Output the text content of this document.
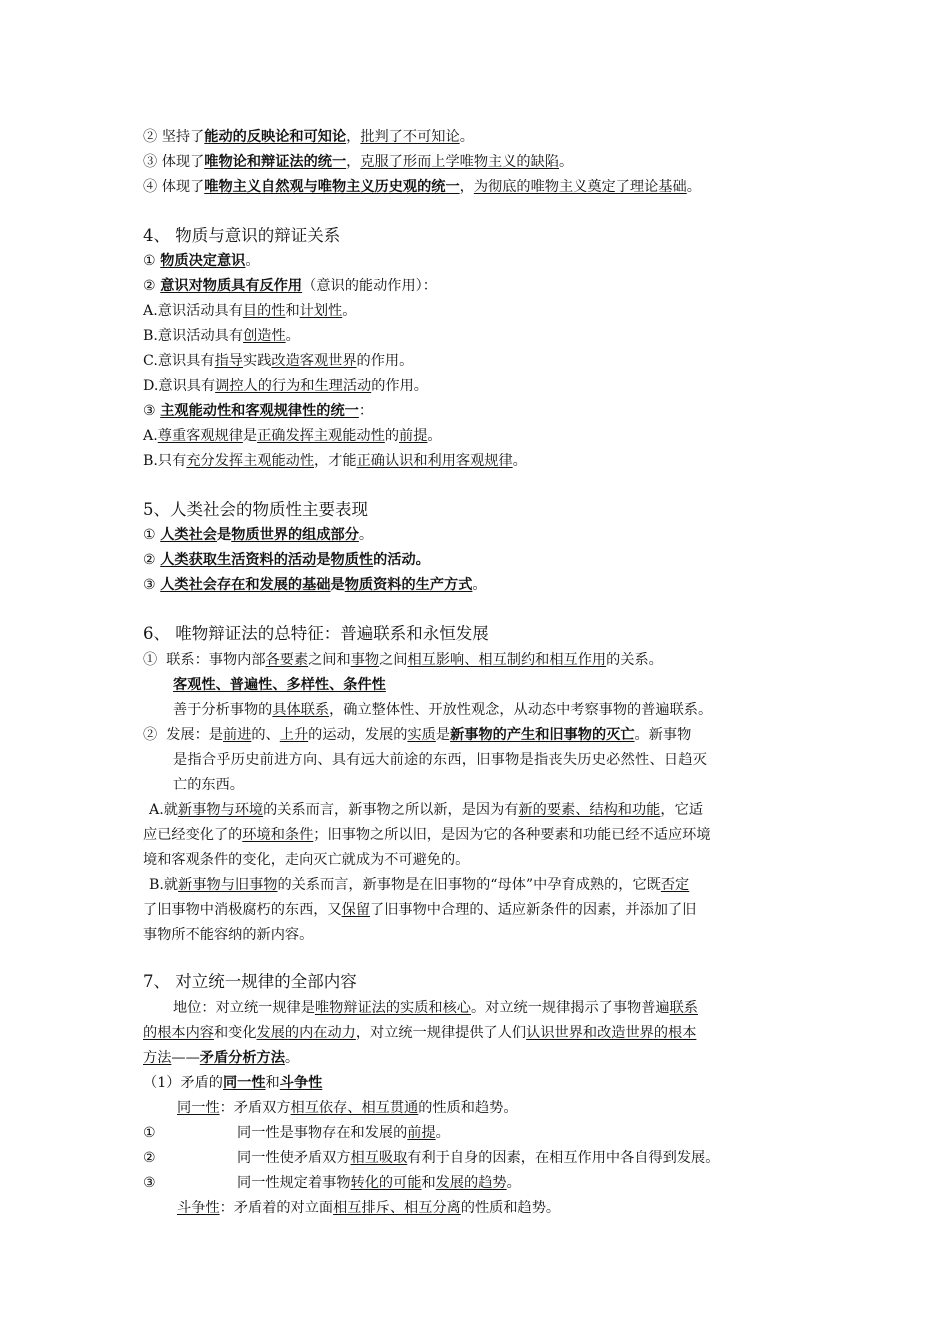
② 坚持了能动的反映论和可知论，批判了不可知论。
③ 体现了唯物论和辩证法的统一，克服了形而上学唯物主义的缺陷。
④ 体现了唯物主义自然观与唯物主义历史观的统一，为彻底的唯物主义奠定了理论基础。
4、 物质与意识的辩证关系
① 物质决定意识。
② 意识对物质具有反作用（意识的能动作用）：
A.意识活动具有目的性和计划性。
B.意识活动具有创造性。
C.意识具有指导实践改造客观世界的作用。
D.意识具有调控人的行为和生理活动的作用。
③ 主观能动性和客观规律性的统一：
A.尊重客观规律是正确发挥主观能动性的前提。
B.只有充分发挥主观能动性，才能正确认识和利用客观规律。
5、人类社会的物质性主要表现
① 人类社会是物质世界的组成部分。
② 人类获取生活资料的活动是物质性的活动。
③ 人类社会存在和发展的基础是物质资料的生产方式。
6、 唯物辩证法的总特征：普遍联系和永恒发展
①  联系：事物内部各要素之间和事物之间相互影响、相互制约和相互作用的关系。
客观性、普遍性、多样性、条件性
善于分析事物的具体联系，确立整体性、开放性观念，从动态中考察事物的普遍联系。
②  发展：是前进的、上升的运动，发展的实质是新事物的产生和旧事物的灭亡。新事物
是指合乎历史前进方向、具有远大前途的东西，旧事物是指丧失历史必然性、日趋灭
亡的东西。
A.就新事物与环境的关系而言，新事物之所以新，是因为有新的要素、结构和功能，它适
应已经变化了的环境和条件；旧事物之所以旧，是因为它的各种要素和功能已经不适应环境
境和客观条件的变化，走向灭亡就成为不可避免的。
B.就新事物与旧事物的关系而言，新事物是在旧事物的“母体”中孕育成熟的，它既否定
了旧事物中消极腐朽的东西，又保留了旧事物中合理的、适应新条件的因素，并添加了旧
事物所不能容纳的新内容。
7、 对立统一规律的全部内容
地位：对立统一规律是唯物辩证法的实质和核心。对立统一规律揭示了事物普遍联系
的根本内容和变化发展的内在动力，对立统一规律提供了人们认识世界和改造世界的根本
方法——矛盾分析方法。
（1）矛盾的同一性和斗争性
同一性：矛盾双方相互依存、相互贯通的性质和趋势。
①	同一性是事物存在和发展的前提。
②	同一性使矛盾双方相互吸取有利于自身的因素，在相互作用中各自得到发展。
③	同一性规定着事物转化的可能和发展的趋势。
斗争性：矛盾着的对立面相互排斥、相互分离的性质和趋势。
